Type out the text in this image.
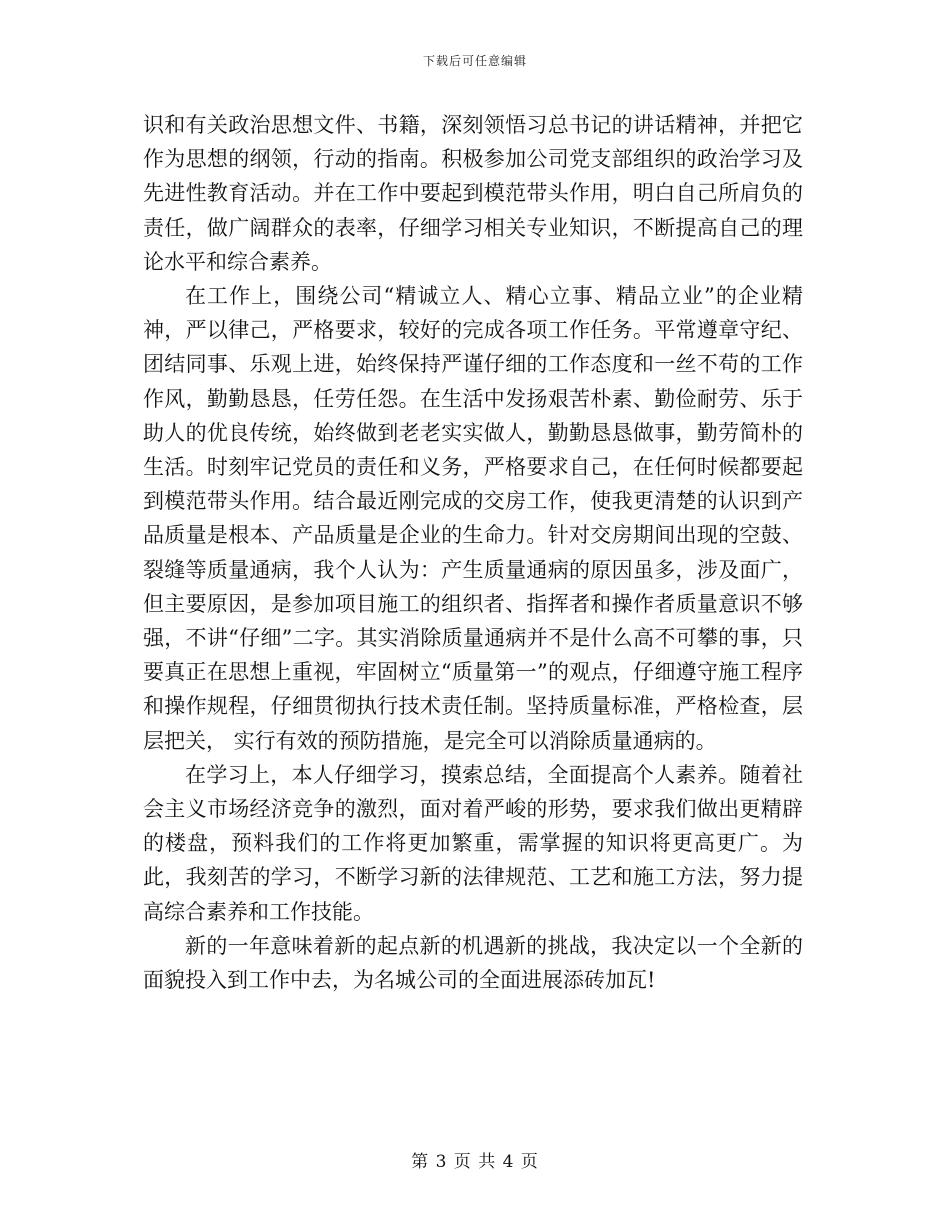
下载后可任意编辑

识和有关政治思想文件、书籍，深刻领悟习总书记的讲话精神，并把它作为思想的纲领，行动的指南。积极参加公司党支部组织的政治学习及先进性教育活动。并在工作中要起到模范带头作用，明白自己所肩负的责任，做广阔群众的表率，仔细学习相关专业知识，不断提高自己的理论水平和综合素养。

在工作上，围绕公司“精诚立人、精心立事、精品立业”的企业精神，严以律己，严格要求，较好的完成各项工作任务。平常遵章守纪、团结同事、乐观上进，始终保持严谨仔细的工作态度和一丝不苟的工作作风，勤勤恳恳，任劳任怨。在生活中发扬艰苦朴素、勤俭耐劳、乐于助人的优良传统，始终做到老老实实做人，勤勤恳恳做事，勤劳简朴的生活。时刻牢记党员的责任和义务，严格要求自己，在任何时候都要起到模范带头作用。结合最近刚完成的交房工作，使我更清楚的认识到产品质量是根本、产品质量是企业的生命力。针对交房期间出现的空鼓、裂缝等质量通病，我个人认为：产生质量通病的原因虽多，涉及面广，但主要原因，是参加项目施工的组织者、指挥者和操作者质量意识不够强，不讲“仔细”二字。其实消除质量通病并不是什么高不可攀的事，只要真正在思想上重视，牢固树立“质量第一”的观点，仔细遵守施工程序和操作规程，仔细贯彻执行技术责任制。坚持质量标准，严格检查，层层把关， 实行有效的预防措施，是完全可以消除质量通病的。

在学习上，本人仔细学习，摸索总结，全面提高个人素养。随着社会主义市场经济竞争的激烈，面对着严峻的形势，要求我们做出更精辟的楼盘，预料我们的工作将更加繁重，需掌握的知识将更高更广。为此，我刻苦的学习，不断学习新的法律规范、工艺和施工方法，努力提高综合素养和工作技能。

新的一年意味着新的起点新的机遇新的挑战，我决定以一个全新的面貌投入到工作中去，为名城公司的全面进展添砖加瓦!

第 3 页 共 4 页
